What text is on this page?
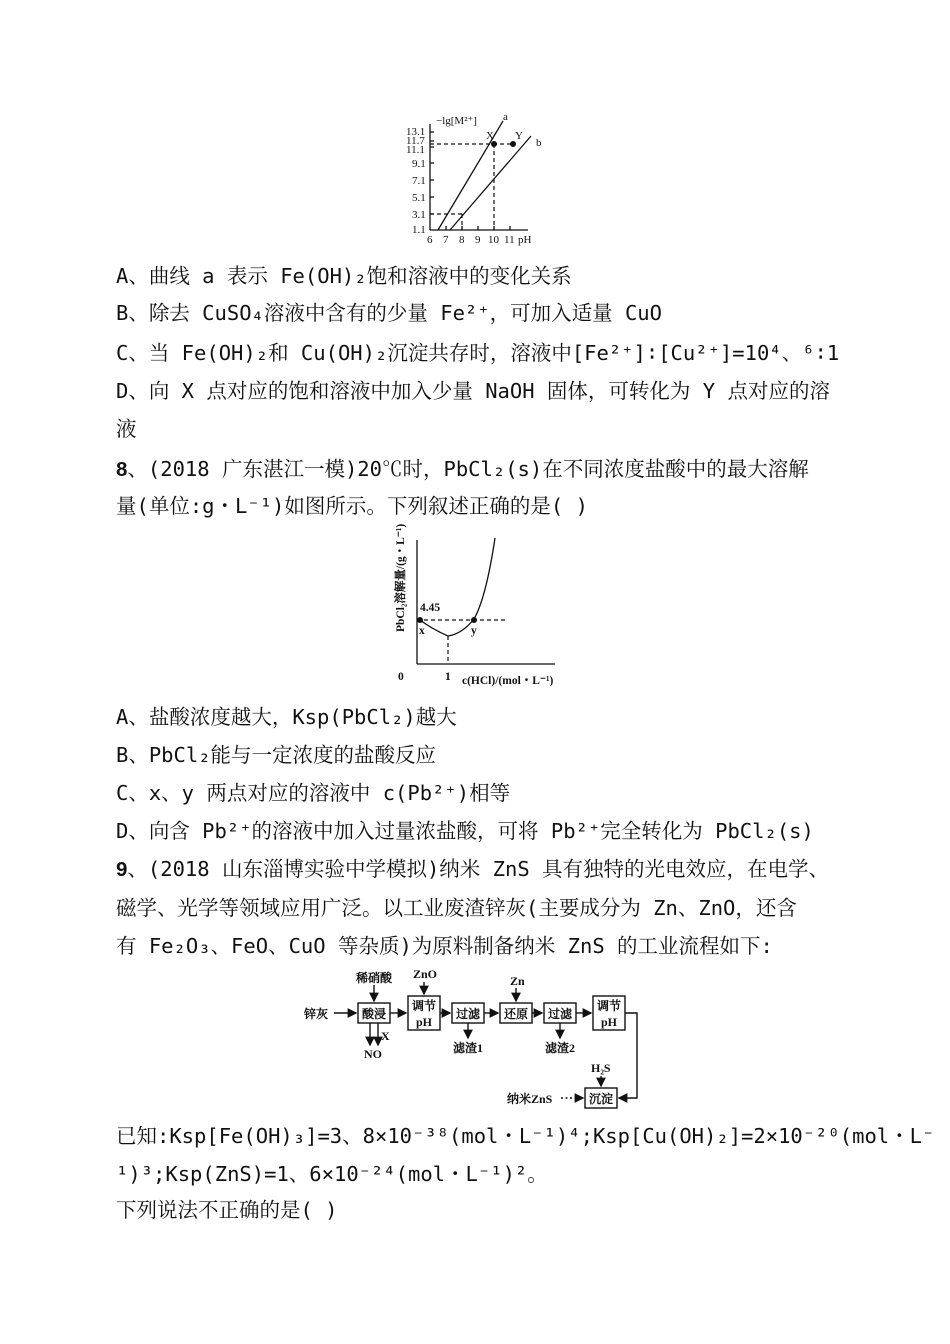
−lg[M²⁺]
13.1
11.7
11.1
9.1
7.1
5.1
3.1
1.1
6 7 8 9 10 11 pH
a
b
X Y
A、曲线 a 表示 Fe(OH)₂饱和溶液中的变化关系
B、除去 CuSO₄溶液中含有的少量 Fe²⁺，可加入适量 CuO
C、当 Fe(OH)₂和 Cu(OH)₂沉淀共存时，溶液中[Fe²⁺]∶[Cu²⁺]=10⁴、⁶∶1
D、向 X 点对应的饱和溶液中加入少量 NaOH 固体，可转化为 Y 点对应的溶
液
8、(2018 广东湛江一模)20℃时，PbCl₂(s)在不同浓度盐酸中的最大溶解
量(单位:g・L⁻¹)如图所示。下列叙述正确的是( )
PbCl₂溶解量/(g・L⁻¹) 4.45
x	y
0	1 c(HCl)/(mol・L⁻¹)
A、盐酸浓度越大，Ksp(PbCl₂)越大
B、PbCl₂能与一定浓度的盐酸反应
C、x、y 两点对应的溶液中 c(Pb²⁺)相等
D、向含 Pb²⁺的溶液中加入过量浓盐酸，可将 Pb²⁺完全转化为 PbCl₂(s)
9、(2018 山东淄博实验中学模拟)纳米 ZnS 具有独特的光电效应，在电学、
磁学、光学等领域应用广泛。以工业废渣锌灰(主要成分为 Zn、ZnO，还含
有 Fe₂O₃、FeO、CuO 等杂质)为原料制备纳米 ZnS 的工业流程如下:
锌灰
稀硝酸
酸浸
X
NO
ZnO
调节
pH
过滤
滤渣1
Zn
还原 过滤
滤渣2
调节
pH
H₂S
沉淀
纳米ZnS
已知:Ksp[Fe(OH)₃]=3、8×10⁻³⁸(mol・L⁻¹)⁴;Ksp[Cu(OH)₂]=2×10⁻²⁰(mol・L⁻
¹)³;Ksp(ZnS)=1、6×10⁻²⁴(mol・L⁻¹)²。
下列说法不正确的是( )
